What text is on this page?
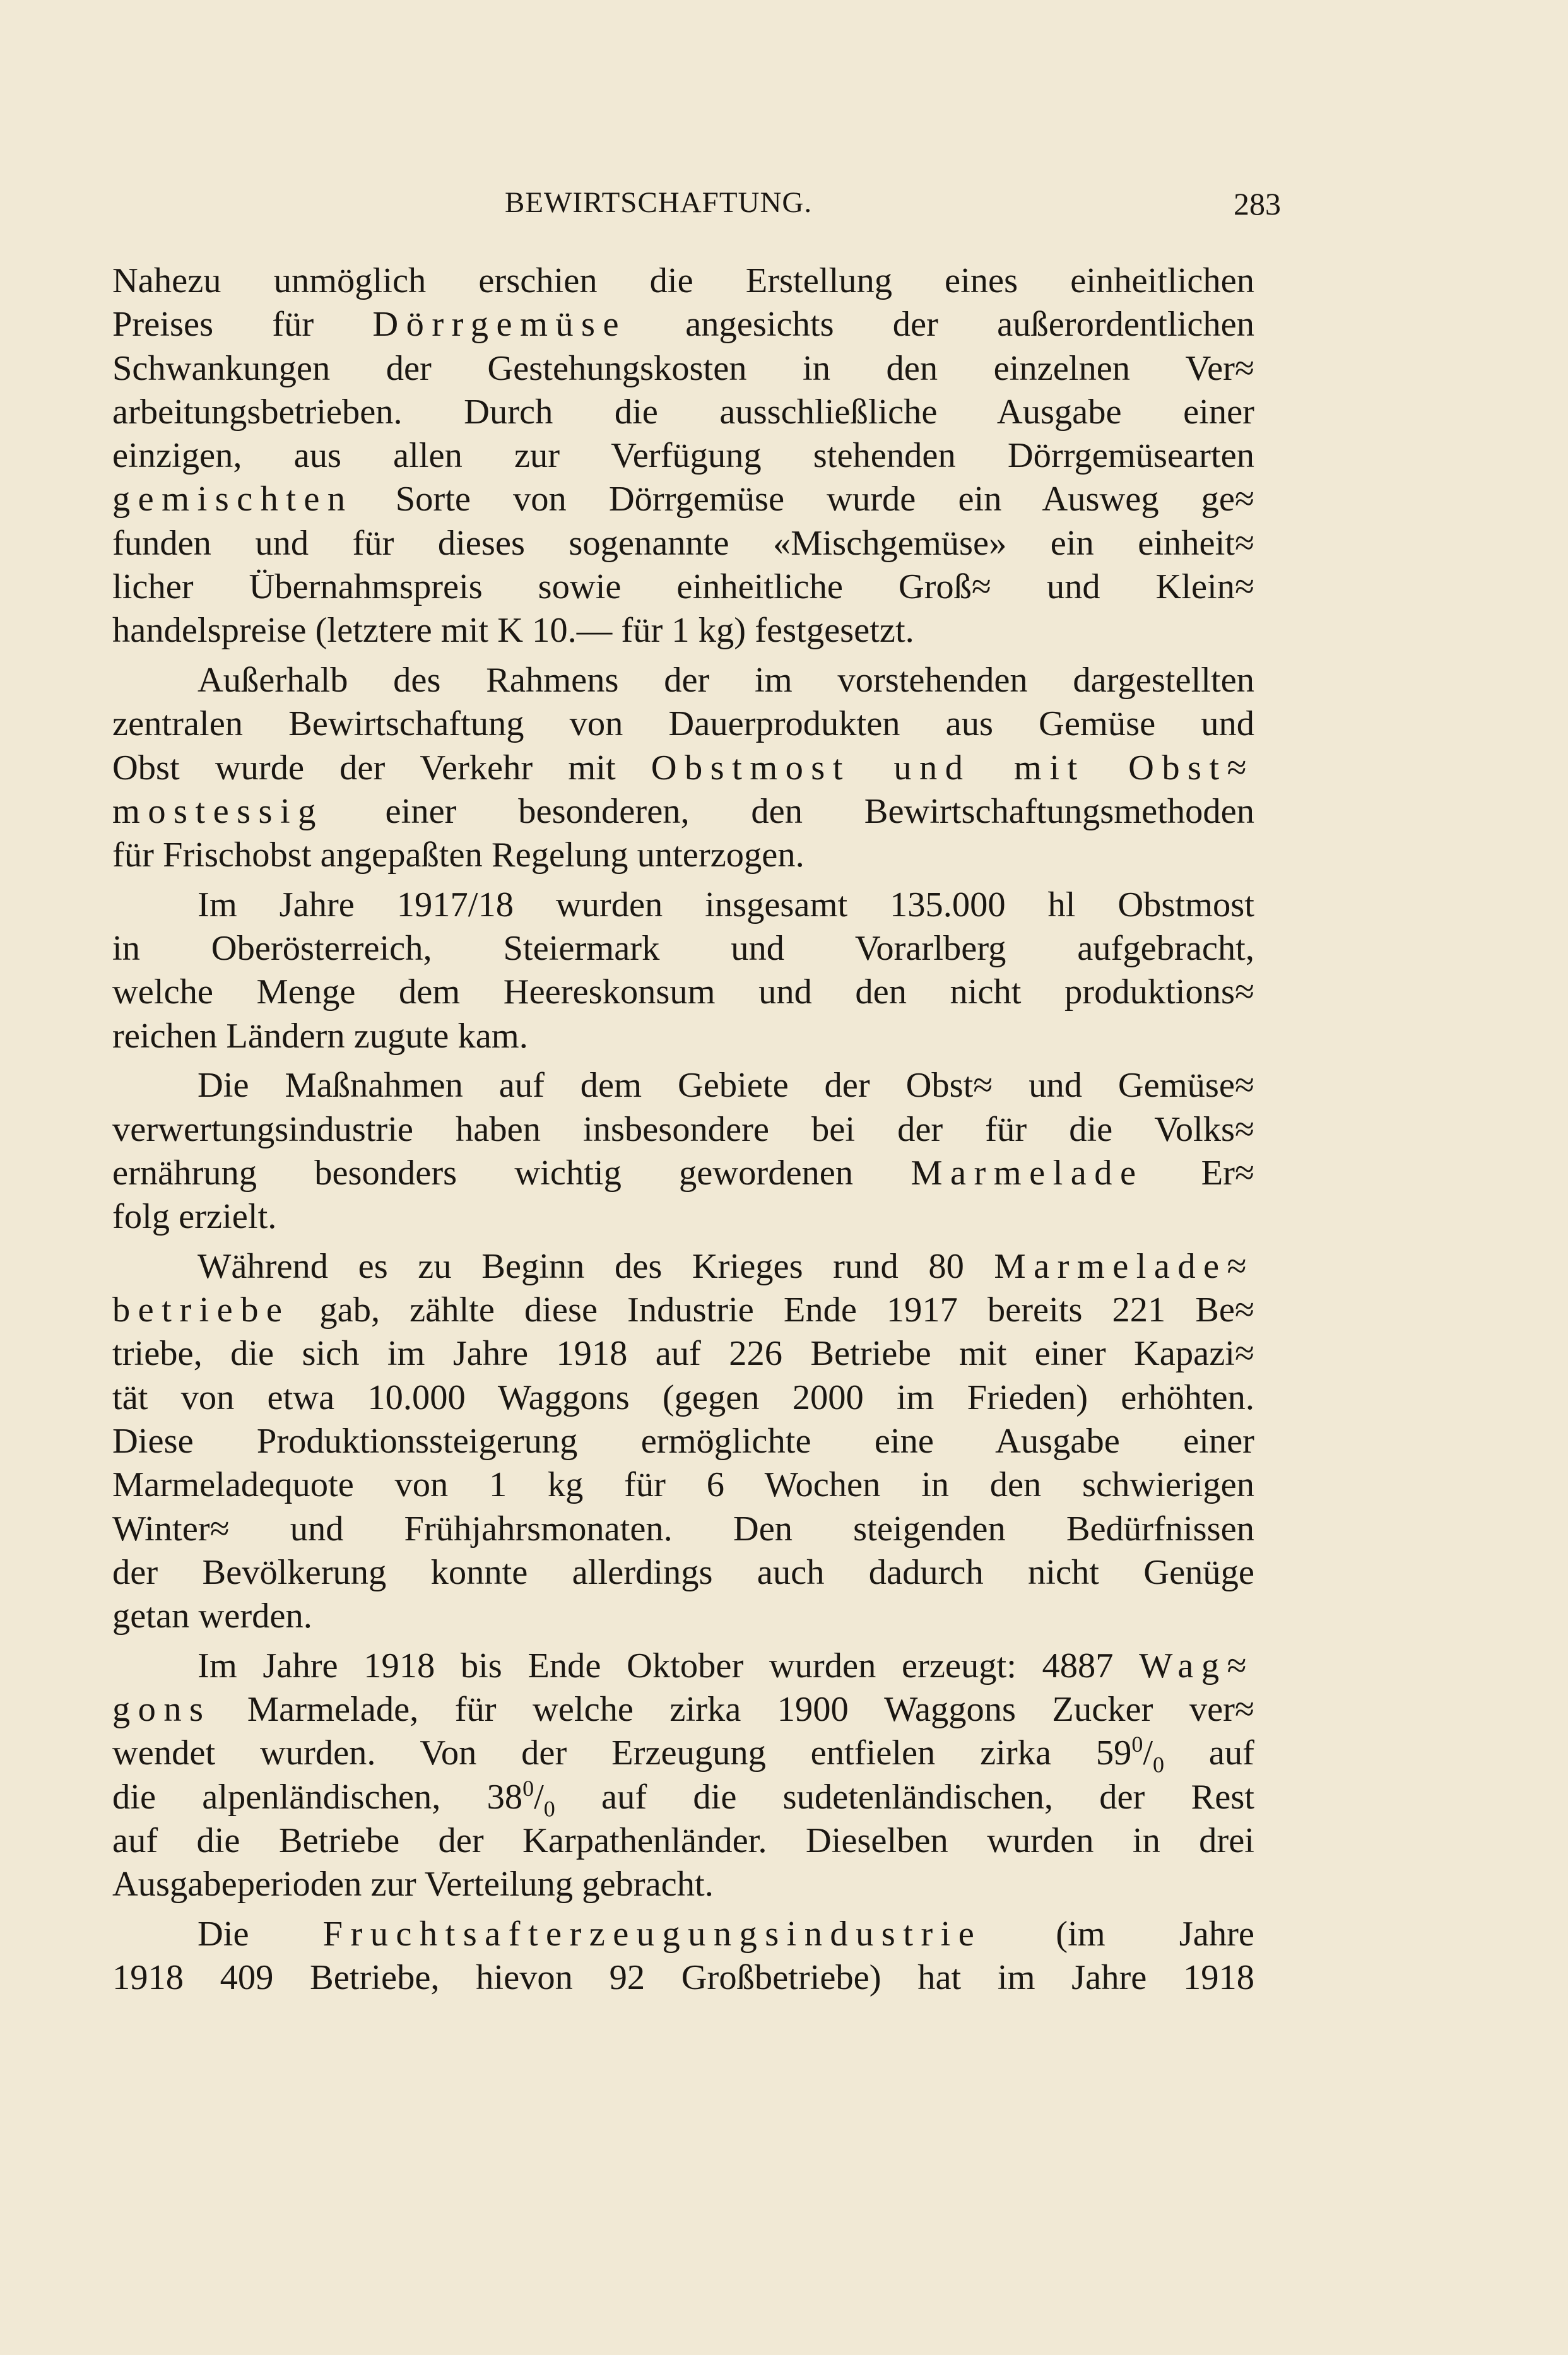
BEWIRTSCHAFTUNG.	283
Nahezu unmöglich erschien die Erstellung eines einheitlichen
Preises für Dörrgemüse angesichts der außerordentlichen
Schwankungen der Gestehungskosten in den einzelnen Ver≈
arbeitungsbetrieben. Durch die ausschließliche Ausgabe einer
einzigen, aus allen zur Verfügung stehenden Dörrgemüsearten
gemischten Sorte von Dörrgemüse wurde ein Ausweg ge≈
funden und für dieses sogenannte «Mischgemüse» ein einheit≈
licher Übernahmspreis sowie einheitliche Groß≈ und Klein≈
handelspreise (letztere mit K 10.— für 1 kg) festgesetzt.
Außerhalb des Rahmens der im vorstehenden dargestellten
zentralen Bewirtschaftung von Dauerprodukten aus Gemüse und
Obst wurde der Verkehr mit Obstmost und mit Obst≈
mostessig einer besonderen, den Bewirtschaftungsmethoden
für Frischobst angepaßten Regelung unterzogen.
Im Jahre 1917/18 wurden insgesamt 135.000 hl Obstmost
in Oberösterreich, Steiermark und Vorarlberg aufgebracht,
welche Menge dem Heereskonsum und den nicht produktions≈
reichen Ländern zugute kam.
Die Maßnahmen auf dem Gebiete der Obst≈ und Gemüse≈
verwertungsindustrie haben insbesondere bei der für die Volks≈
ernährung besonders wichtig gewordenen Marmelade Er≈
folg erzielt.
Während es zu Beginn des Krieges rund 80 Marmelade≈
betriebe gab, zählte diese Industrie Ende 1917 bereits 221 Be≈
triebe, die sich im Jahre 1918 auf 226 Betriebe mit einer Kapazi≈
tät von etwa 10.000 Waggons (gegen 2000 im Frieden) erhöhten.
Diese Produktionssteigerung ermöglichte eine Ausgabe einer
Marmeladequote von 1 kg für 6 Wochen in den schwierigen
Winter≈ und Frühjahrsmonaten. Den steigenden Bedürfnissen
der Bevölkerung konnte allerdings auch dadurch nicht Genüge
getan werden.
Im Jahre 1918 bis Ende Oktober wurden erzeugt: 4887 Wag≈
gons Marmelade, für welche zirka 1900 Waggons Zucker ver≈
wendet wurden. Von der Erzeugung entfielen zirka $59^0/_0$ auf
die alpenländischen, $38^0/_0$ auf die sudetenländischen, der Rest
auf die Betriebe der Karpathenländer. Dieselben wurden in drei
Ausgabeperioden zur Verteilung gebracht.
Die Fruchtsafterzeugungsindustrie (im Jahre
1918 409 Betriebe, hievon 92 Großbetriebe) hat im Jahre 1918
